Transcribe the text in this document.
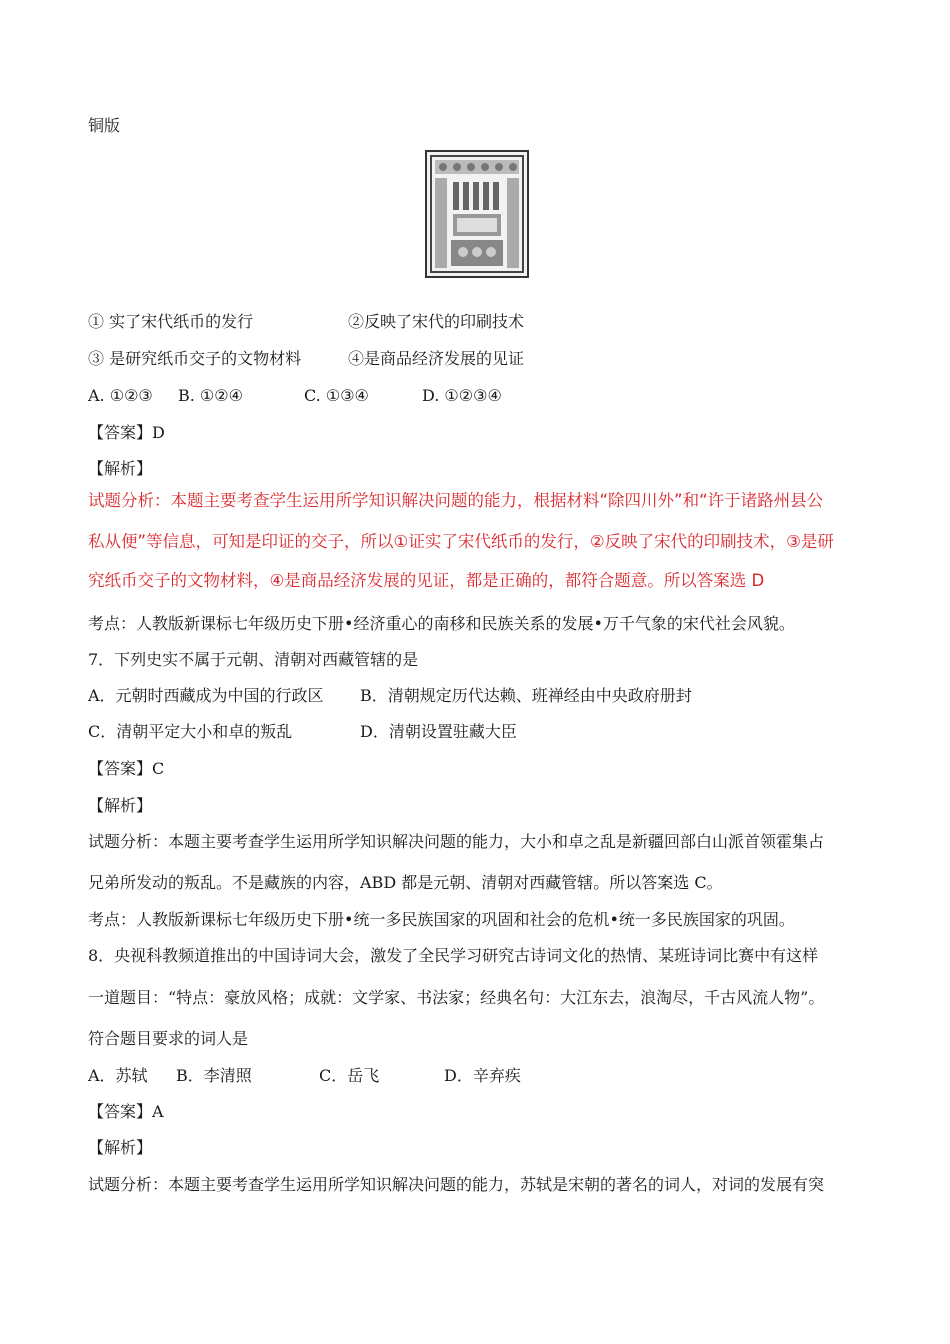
铜版
① 实了宋代纸币的发行	②反映了宋代的印刷技术
③ 是研究纸币交子的文物材料	④是商品经济发展的见证
A. ①②③ B. ①②④	C. ①③④	D. ①②③④
【答案】D
【解析】
试题分析：本题主要考查学生运用所学知识解决问题的能力，根据材料“除四川外”和“许于诸路州县公
私从便”等信息，可知是印证的交子，所以①证实了宋代纸币的发行，②反映了宋代的印刷技术，③是研
究纸币交子的文物材料，④是商品经济发展的见证，都是正确的，都符合题意。所以答案选 D
考点：人教版新课标七年级历史下册•经济重心的南移和民族关系的发展•万千气象的宋代社会风貌。
7．下列史实不属于元朝、清朝对西藏管辖的是
A．元朝时西藏成为中国的行政区 B．清朝规定历代达赖、班禅经由中央政府册封
C．清朝平定大小和卓的叛乱	D．清朝设置驻藏大臣
【答案】C
【解析】
试题分析：本题主要考查学生运用所学知识解决问题的能力，大小和卓之乱是新疆回部白山派首领霍集占
兄弟所发动的叛乱。不是藏族的内容，ABD 都是元朝、清朝对西藏管辖。所以答案选 C。
考点：人教版新课标七年级历史下册•统一多民族国家的巩固和社会的危机•统一多民族国家的巩固。
8．央视科教频道推出的中国诗词大会，激发了全民学习研究古诗词文化的热情、某班诗词比赛中有这样
一道题目：“特点：豪放风格；成就：文学家、书法家；经典名句：大江东去，浪淘尽，千古风流人物”。
符合题目要求的词人是
A．苏轼 B．李清照	C．岳飞	D．辛弃疾
【答案】A
【解析】
试题分析：本题主要考查学生运用所学知识解决问题的能力，苏轼是宋朝的著名的词人，对词的发展有突
